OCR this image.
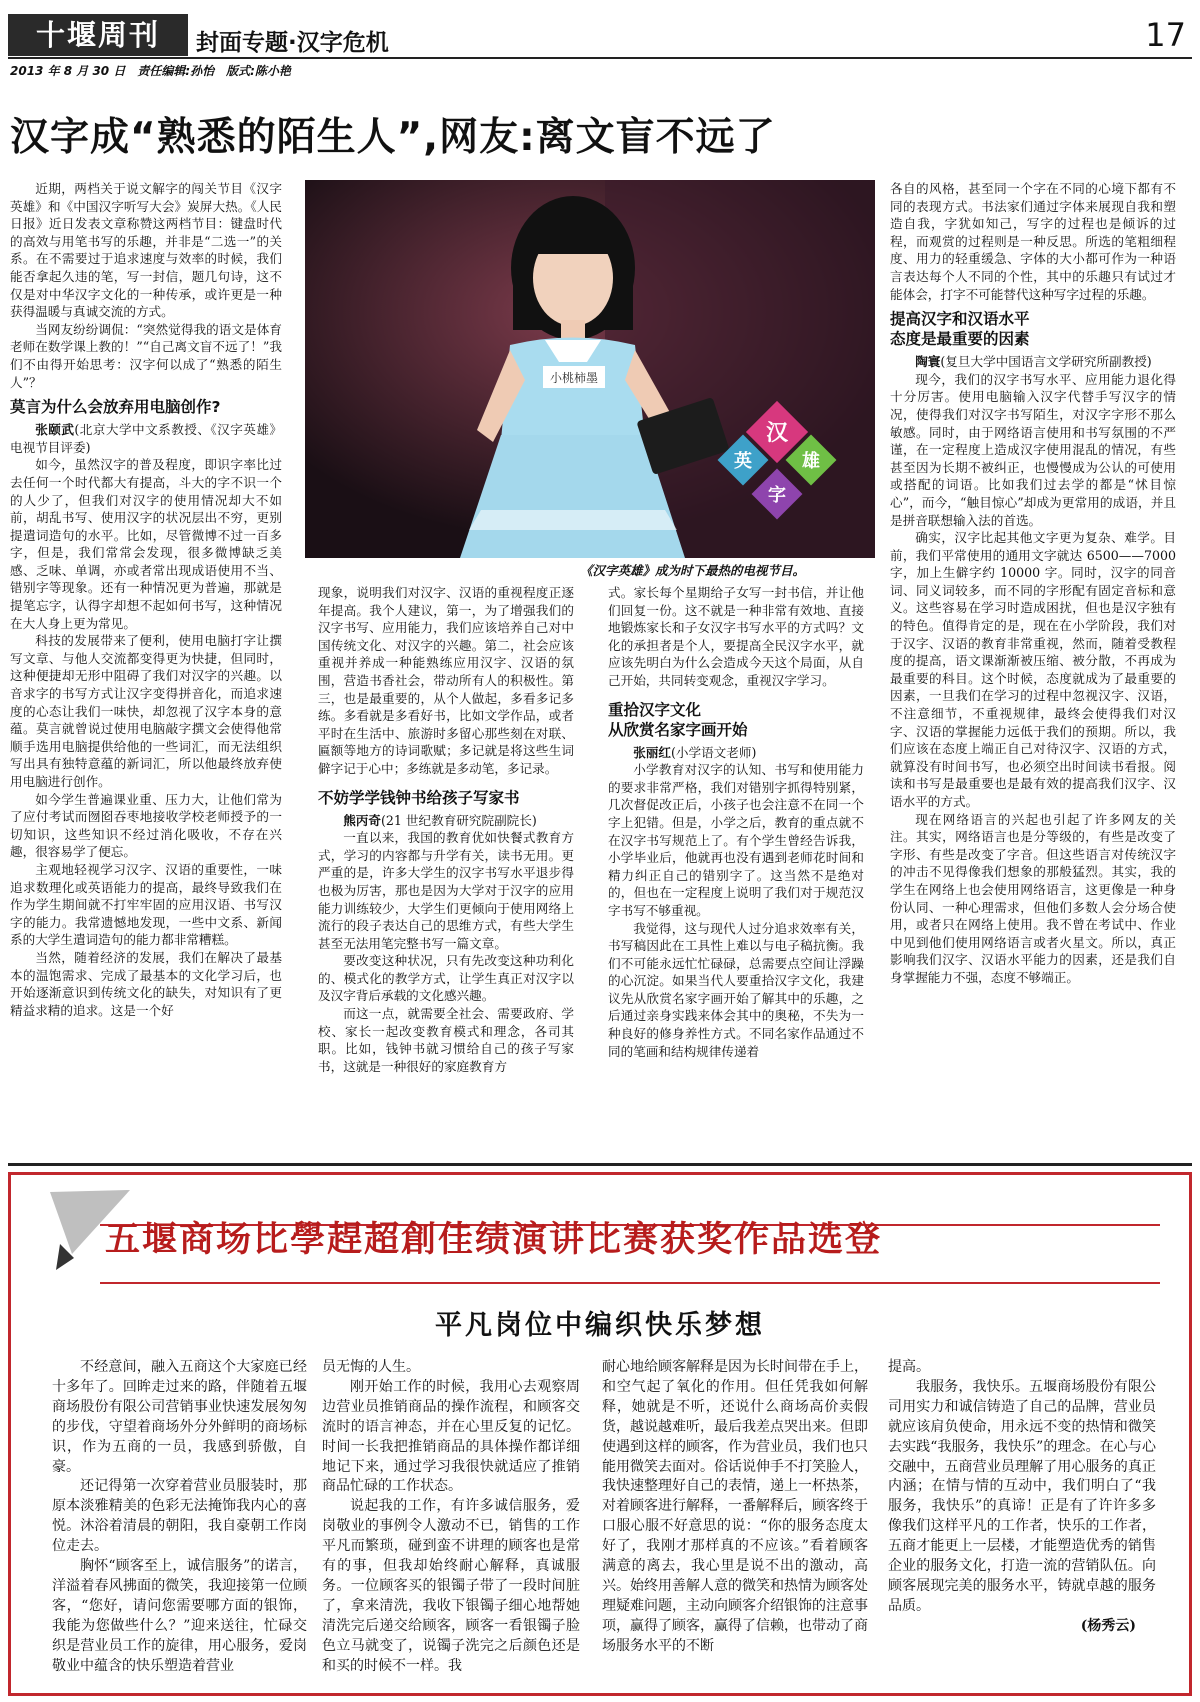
十堰周刊	封面专题·汉字危机	17
2013 年 8 月 30 日　责任编辑:孙怡　版式:陈小艳
汉字成“熟悉的陌生人”,网友:离文盲不远了
小桃柿墨
汉
英	雄
字
《汉字英雄》成为时下最热的电视节目。

近期，两档关于说文解字的闯关节目《汉字英雄》和《中国汉字听写大会》炭屏大热。《人民日报》近日发表文章称赞这两档节目：键盘时代的高效与用笔书写的乐趣，并非是“二选一”的关系。在不需要过于追求速度与效率的时候，我们能否拿起久违的笔，写一封信，题几句诗，这不仅是对中华汉字文化的一种传承，或许更是一种获得温暖与真诚交流的方式。

当网友纷纷调侃：“突然觉得我的语文是体育老师在数学课上教的！”“自己离文盲不远了！”我们不由得开始思考：汉字何以成了“熟悉的陌生人”？

莫言为什么会放弃用电脑创作?

张颐武(北京大学中文系教授、《汉字英雄》电视节目评委)

如今，虽然汉字的普及程度，即识字率比过去任何一个时代都大有提高，斗大的字不识一个的人少了，但我们对汉字的使用情况却大不如前，胡乱书写、使用汉字的状况层出不穷，更别提遣词造句的水平。比如，尽管微博不过一百多字，但是，我们常常会发现，很多微博缺乏美感、乏味、单调，亦或者常出现成语使用不当、错别字等现象。还有一种情况更为普遍，那就是提笔忘字，认得字却想不起如何书写，这种情况在大人身上更为常见。

科技的发展带来了便利，使用电脑打字让撰写文章、与他人交流都变得更为快捷，但同时，这种便捷却无形中阻碍了我们对汉字的兴趣。以音求字的书写方式让汉字变得拼音化，而追求速度的心态让我们一味快，却忽视了汉字本身的意蕴。莫言就曾说过使用电脑敲字撰文会使得他常顺手选用电脑提供给他的一些词汇，而无法组织写出具有独特意蕴的新词汇，所以他最终放弃使用电脑进行创作。

如今学生普遍课业重、压力大，让他们常为了应付考试而囫囵吞枣地接收学校老师授予的一切知识，这些知识不经过消化吸收，不存在兴趣，很容易学了便忘。

主观地轻视学习汉字、汉语的重要性，一味追求数理化或英语能力的提高，最终导致我们在作为学生期间就不打牢牢固的应用汉语、书写汉字的能力。我常遗憾地发现，一些中文系、新闻系的大学生遣词造句的能力都非常糟糕。

当然，随着经济的发展，我们在解决了最基本的温饱需求、完成了最基本的文化学习后，也开始逐渐意识到传统文化的缺失，对知识有了更精益求精的追求。这是一个好

现象，说明我们对汉字、汉语的重视程度正逐年提高。我个人建议，第一，为了增强我们的汉字书写、应用能力，我们应该培养自己对中国传统文化、对汉字的兴趣。第二，社会应该重视并养成一种能熟练应用汉字、汉语的氛围，营造书香社会，带动所有人的积极性。第三，也是最重要的，从个人做起，多看多记多练。多看就是多看好书，比如文学作品，或者平时在生活中、旅游时多留心那些刻在对联、匾额等地方的诗词歌赋；多记就是将这些生词僻字记于心中；多练就是多动笔，多记录。

不妨学学钱钟书给孩子写家书

熊丙奇(21 世纪教育研究院副院长)

一直以来，我国的教育优如快餐式教育方式，学习的内容都与升学有关，读书无用。更严重的是，许多大学生的汉字书写水平退步得也极为厉害，那也是因为大学对于汉字的应用能力训练较少，大学生们更倾向于使用网络上流行的段子表达自己的思维方式，有些大学生甚至无法用笔完整书写一篇文章。

要改变这种状况，只有先改变这种功利化的、模式化的教学方式，让学生真正对汉字以及汉字背后承载的文化感兴趣。

而这一点，就需要全社会、需要政府、学校、家长一起改变教育模式和理念，各司其职。比如，钱钟书就习惯给自己的孩子写家书，这就是一种很好的家庭教育方

式。家长每个星期给子女写一封书信，并让他们回复一份。这不就是一种非常有效地、直接地锻炼家长和子女汉字书写水平的方式吗？文化的承担者是个人，要提高全民汉字水平，就应该先明白为什么会造成今天这个局面，从自己开始，共同转变观念，重视汉字学习。

重拾汉字文化
从欣赏名家字画开始

张丽红(小学语文老师)

小学教育对汉字的认知、书写和使用能力的要求非常严格，我们对错别字抓得特别紧，几次督促改正后，小孩子也会注意不在同一个字上犯错。但是，小学之后，教育的重点就不在汉字书写规范上了。有个学生曾经告诉我，小学毕业后，他就再也没有遇到老师花时间和精力纠正自己的错别字了。这当然不是绝对的，但也在一定程度上说明了我们对于规范汉字书写不够重视。

我觉得，这与现代人过分追求效率有关，书写稿因此在工具性上难以与电子稿抗衡。我们不可能永远忙忙碌碌，总需要点空间让浮躁的心沉淀。如果当代人要重拾汉字文化，我建议先从欣赏名家字画开始了解其中的乐趣，之后通过亲身实践来体会其中的奥秘，不失为一种良好的修身养性方式。不同名家作品通过不同的笔画和结构规律传递着

各自的风格，甚至同一个字在不同的心境下都有不同的表现方式。书法家们通过字体来展现自我和塑造自我，字犹如知己，写字的过程也是倾诉的过程，而观赏的过程则是一种反思。所选的笔粗细程度、用力的轻重缓急、字体的大小都可作为一种语言表达每个人不同的个性，其中的乐趣只有试过才能体会，打字不可能替代这种写字过程的乐趣。

提高汉字和汉语水平
态度是最重要的因素

陶寰(复旦大学中国语言文学研究所副教授)

现今，我们的汉字书写水平、应用能力退化得十分厉害。使用电脑输入汉字代替手写汉字的情况，使得我们对汉字书写陌生，对汉字字形不那么敏感。同时，由于网络语言使用和书写氛围的不严谨，在一定程度上造成汉字使用混乱的情况，有些甚至因为长期不被纠正，也慢慢成为公认的可使用或搭配的词语。比如我们过去学的都是“怵目惊心”，而今，“触目惊心”却成为更常用的成语，并且是拼音联想输入法的首选。

确实，汉字比起其他文字更为复杂、难学。目前，我们平常使用的通用文字就达 6500——7000 字，加上生僻字约 10000 字。同时，汉字的同音词、同义词较多，而不同的字形配有固定音标和意义。这些容易在学习时造成困扰，但也是汉字独有的特色。值得肯定的是，现在在小学阶段，我们对于汉字、汉语的教育非常重视，然而，随着受教程度的提高，语文课渐渐被压缩、被分散，不再成为最重要的科目。这个时候，态度就成为了最重要的因素，一旦我们在学习的过程中忽视汉字、汉语，不注意细节，不重视规律，最终会使得我们对汉字、汉语的掌握能力远低于我们的预期。所以，我们应该在态度上端正自己对待汉字、汉语的方式，就算没有时间书写，也必须空出时间读书看报。阅读和书写是最重要也是最有效的提高我们汉字、汉语水平的方式。

现在网络语言的兴起也引起了许多网友的关注。其实，网络语言也是分等级的，有些是改变了字形、有些是改变了字音。但这些语言对传统汉字的冲击不见得像我们想象的那般猛烈。其实，我的学生在网络上也会使用网络语言，这更像是一种身份认同、一种心理需求，但他们多数人会分场合使用，或者只在网络上使用。我不曾在考试中、作业中见到他们使用网络语言或者火星文。所以，真正影响我们汉字、汉语水平能力的因素，还是我们自身掌握能力不强，态度不够端正。

五堰商场比學趕超創佳绩演讲比赛获奖作品选登
平凡岗位中编织快乐梦想

不经意间，融入五商这个大家庭已经十多年了。回眸走过来的路，伴随着五堰商场股份有限公司营销事业快速发展匆匆的步伐，守望着商场外分外鲜明的商场标识，作为五商的一员，我感到骄傲，自豪。

还记得第一次穿着营业员服装时，那原本淡雅精美的色彩无法掩饰我内心的喜悦。沐浴着清晨的朝阳，我自豪朝工作岗位走去。

胸怀“顾客至上，诚信服务”的诺言，洋溢着春风拂面的微笑，我迎接第一位顾客，“您好，请问您需要哪方面的银饰，我能为您做些什么？”迎来送往，忙碌交织是营业员工作的旋律，用心服务，爱岗敬业中蕴含的快乐塑造着营业

员无悔的人生。

刚开始工作的时候，我用心去观察周边营业员推销商品的操作流程，和顾客交流时的语言神态，并在心里反复的记忆。时间一长我把推销商品的具体操作都详细地记下来，通过学习我很快就适应了推销商品忙碌的工作状态。

说起我的工作，有许多诚信服务，爱岗敬业的事例令人激动不已，销售的工作平凡而繁琐，碰到蛮不讲理的顾客也是常有的事，但我却始终耐心解释，真诚服务。一位顾客买的银镯子带了一段时间脏了，拿来清洗，我收下银镯子细心地帮她清洗完后递交给顾客，顾客一看银镯子脸色立马就变了，说镯子洗完之后颜色还是和买的时候不一样。我

耐心地给顾客解释是因为长时间带在手上，和空气起了氧化的作用。但任凭我如何解释，她就是不听，还说什么商场高价卖假货，越说越难听，最后我差点哭出来。但即使遇到这样的顾客，作为营业员，我们也只能用微笑去面对。俗话说伸手不打笑脸人，我快速整理好自己的表情，递上一杯热茶，对着顾客进行解释，一番解释后，顾客终于口服心服不好意思的说：“你的服务态度太好了，我刚才那样真的不应该。”看着顾客满意的离去，我心里是说不出的激动，高兴。始终用善解人意的微笑和热情为顾客处理疑难问题，主动向顾客介绍银饰的注意事项，赢得了顾客，赢得了信赖，也带动了商场服务水平的不断

提高。

我服务，我快乐。五堰商场股份有限公司用实力和诚信铸造了自己的品牌，营业员就应该肩负使命，用永远不变的热情和微笑去实践“我服务，我快乐”的理念。在心与心交融中，五商营业员理解了用心服务的真正内涵；在情与情的互动中，我们明白了“我服务，我快乐”的真谛！正是有了许许多多像我们这样平凡的工作者，快乐的工作者，五商才能更上一层楼，才能塑造优秀的销售企业的服务文化，打造一流的营销队伍。向顾客展现完美的服务水平，铸就卓越的服务品质。

(杨秀云)
